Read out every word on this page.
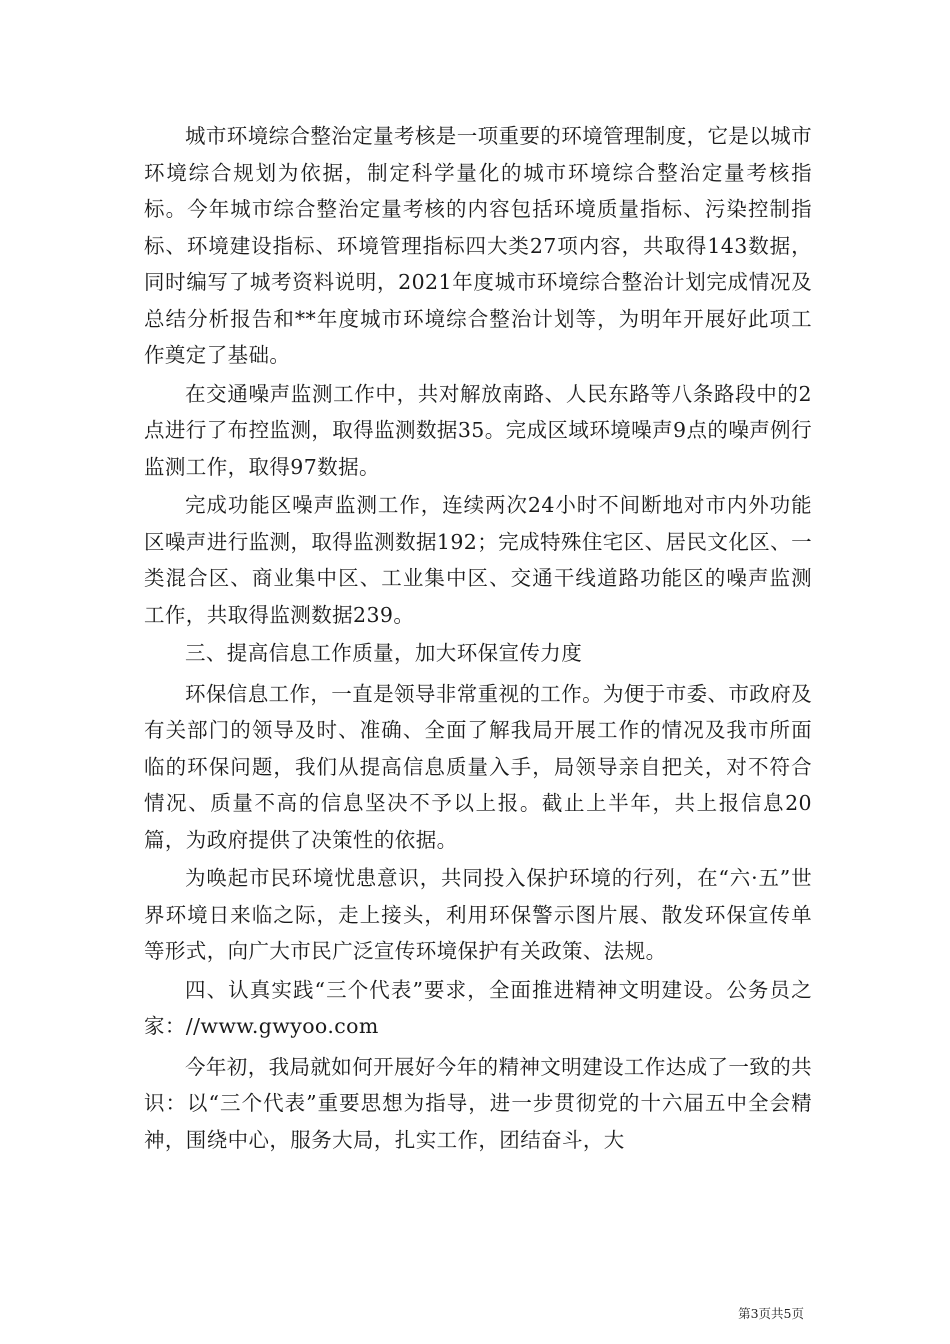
城市环境综合整治定量考核是一项重要的环境管理制度，它是以城市环境综合规划为依据，制定科学量化的城市环境综合整治定量考核指标。今年城市综合整治定量考核的内容包括环境质量指标、污染控制指标、环境建设指标、环境管理指标四大类27项内容，共取得143数据，同时编写了城考资料说明，2021年度城市环境综合整治计划完成情况及总结分析报告和**年度城市环境综合整治计划等，为明年开展好此项工作奠定了基础。

在交通噪声监测工作中，共对解放南路、人民东路等八条路段中的2点进行了布控监测，取得监测数据35。完成区域环境噪声9点的噪声例行监测工作，取得97数据。

完成功能区噪声监测工作，连续两次24小时不间断地对市内外功能区噪声进行监测，取得监测数据192；完成特殊住宅区、居民文化区、一类混合区、商业集中区、工业集中区、交通干线道路功能区的噪声监测工作，共取得监测数据239。

三、提高信息工作质量，加大环保宣传力度

环保信息工作，一直是领导非常重视的工作。为便于市委、市政府及有关部门的领导及时、准确、全面了解我局开展工作的情况及我市所面临的环保问题，我们从提高信息质量入手，局领导亲自把关，对不符合情况、质量不高的信息坚决不予以上报。截止上半年，共上报信息20篇，为政府提供了决策性的依据。

为唤起市民环境忧患意识，共同投入保护环境的行列，在“六·五”世界环境日来临之际，走上接头，利用环保警示图片展、散发环保宣传单等形式，向广大市民广泛宣传环境保护有关政策、法规。

四、认真实践“三个代表”要求，全面推进精神文明建设。公务员之家：//www.gwyoo.com

今年初，我局就如何开展好今年的精神文明建设工作达成了一致的共识：以“三个代表”重要思想为指导，进一步贯彻党的十六届五中全会精神，围绕中心，服务大局，扎实工作，团结奋斗，大

第3页共5页
